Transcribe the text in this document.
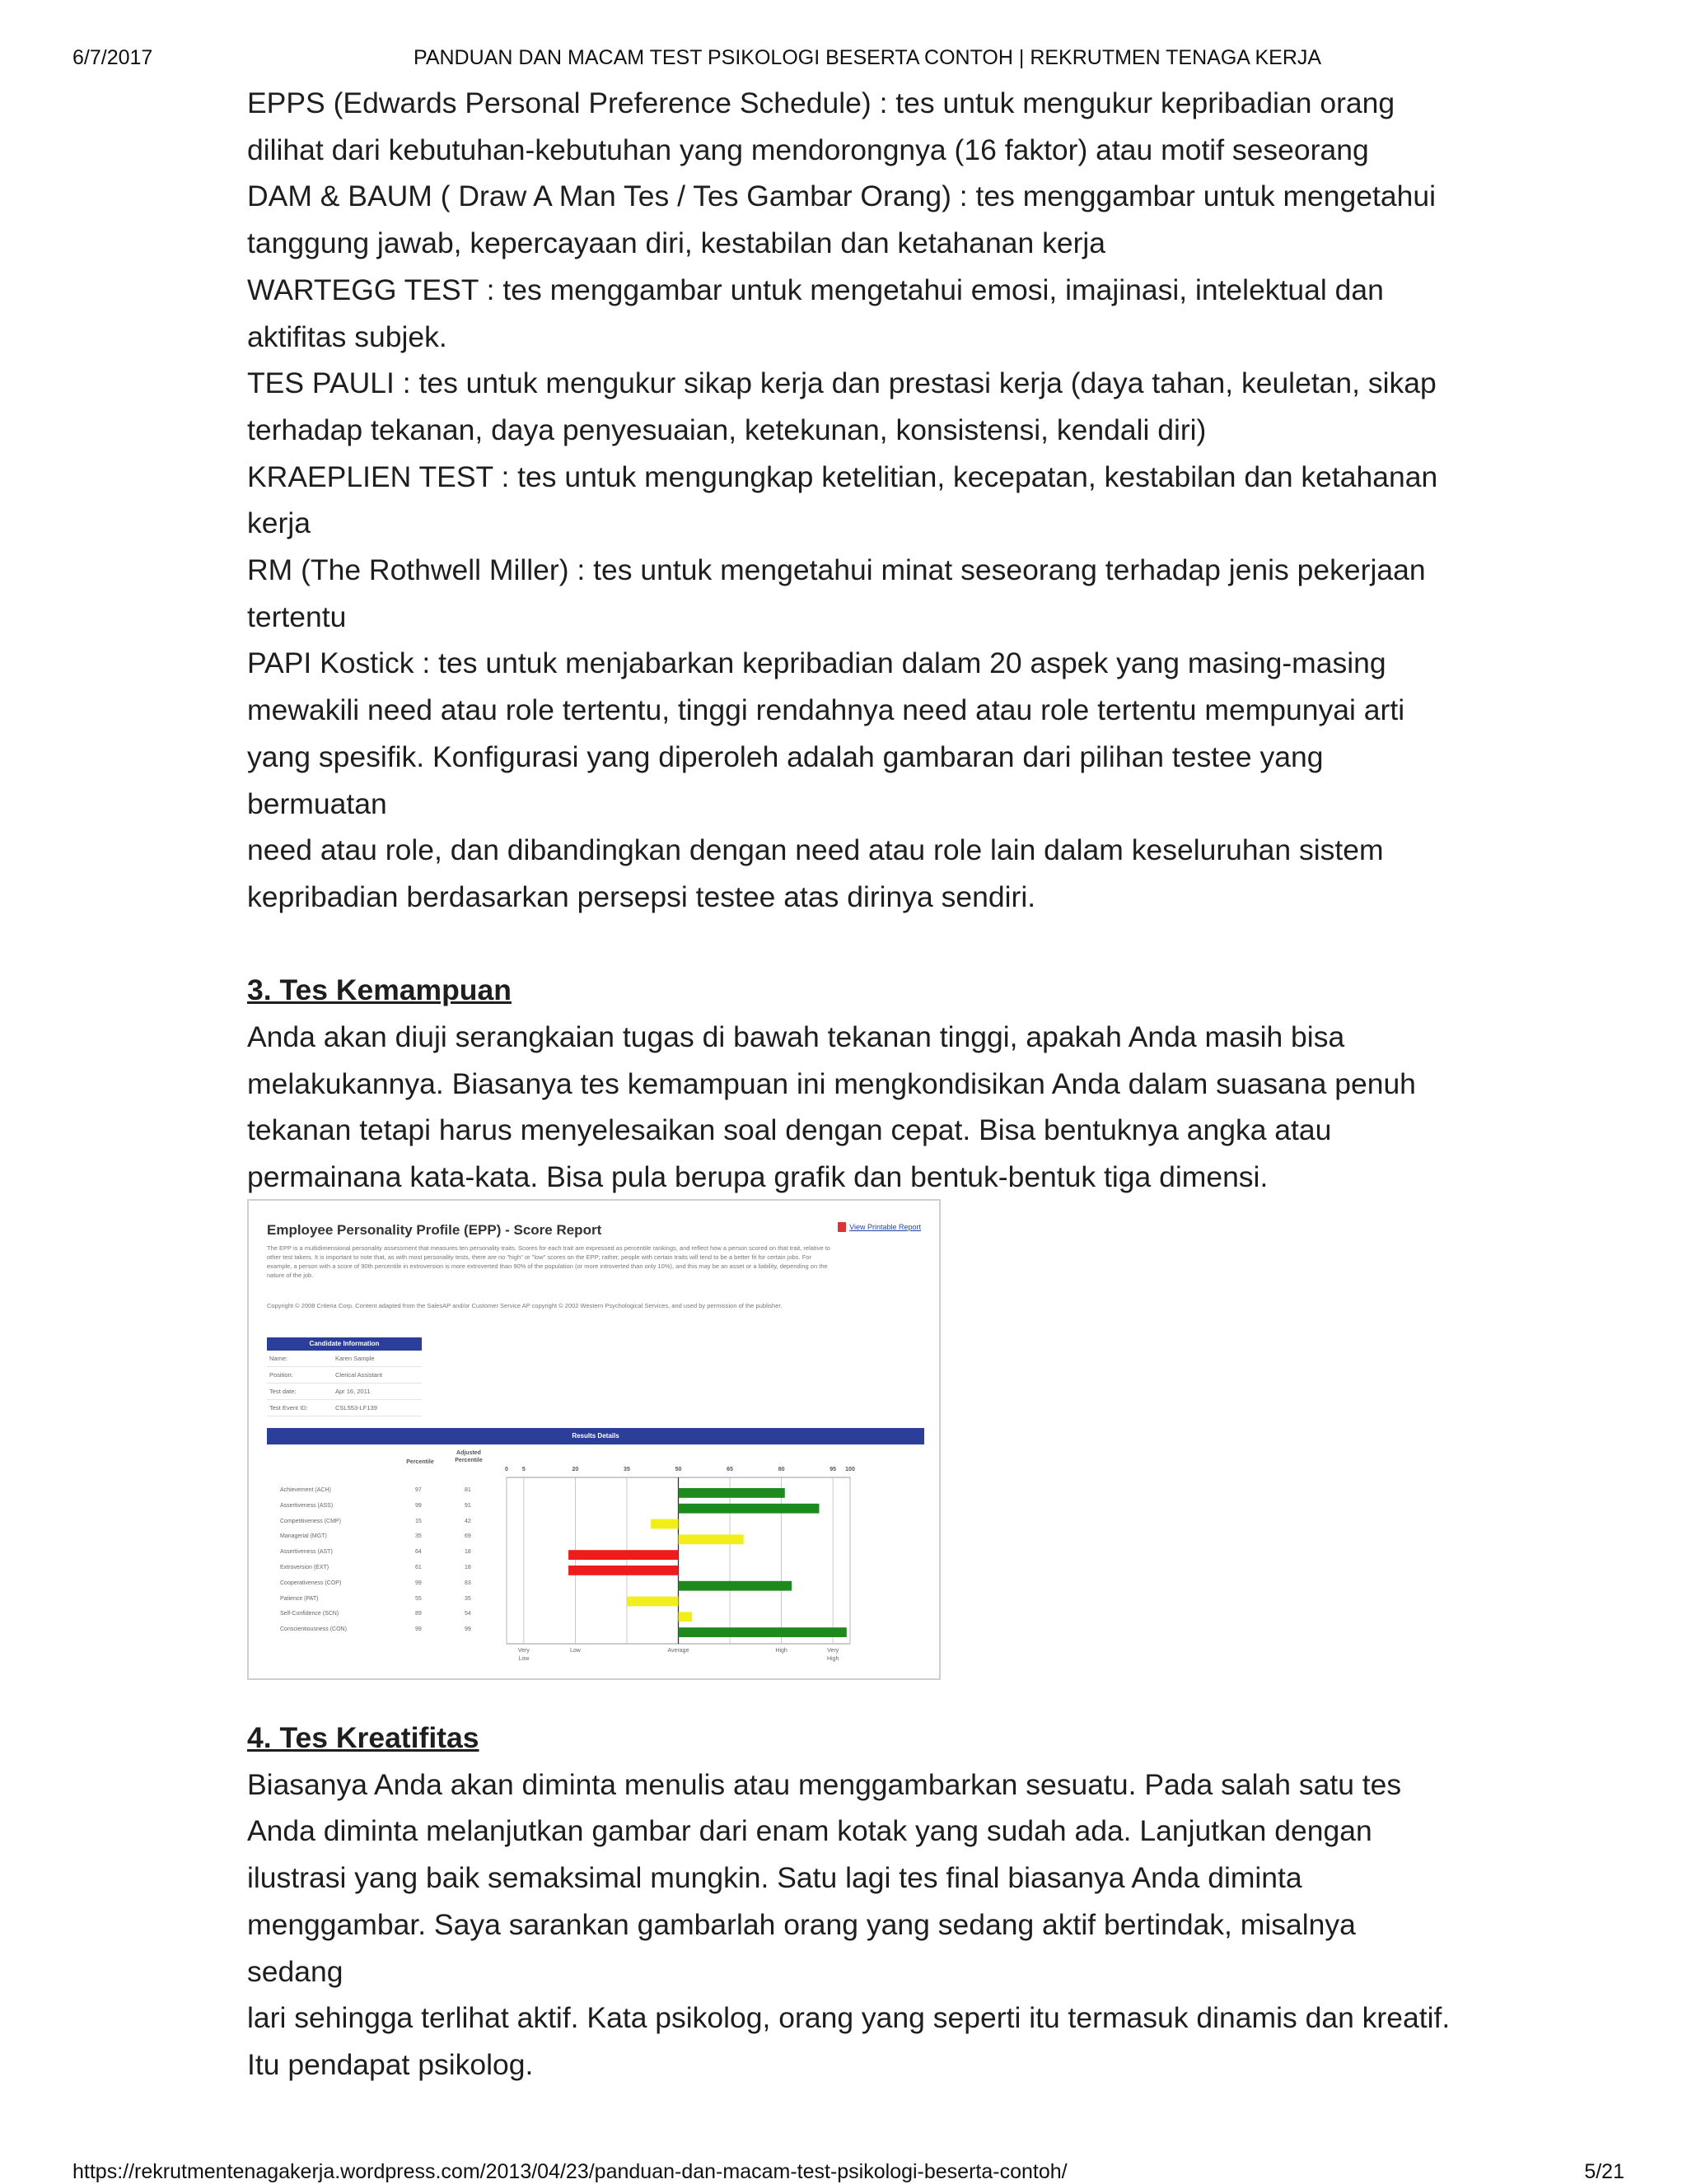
6/7/2017	PANDUAN DAN MACAM TEST PSIKOLOGI BESERTA CONTOH | REKRUTMEN TENAGA KERJA

EPPS (Edwards Personal Preference Schedule) : tes untuk mengukur kepribadian orang

dilihat dari kebutuhan-kebutuhan yang mendorongnya (16 faktor) atau motif seseorang

DAM & BAUM ( Draw A Man Tes / Tes Gambar Orang) : tes menggambar untuk mengetahui

tanggung jawab, kepercayaan diri, kestabilan dan ketahanan kerja

WARTEGG TEST : tes menggambar untuk mengetahui emosi, imajinasi, intelektual dan

aktifitas subjek.

TES PAULI : tes untuk mengukur sikap kerja dan prestasi kerja (daya tahan, keuletan, sikap

terhadap tekanan, daya penyesuaian, ketekunan, konsistensi, kendali diri)

KRAEPLIEN TEST : tes untuk mengungkap ketelitian, kecepatan, kestabilan dan ketahanan

kerja

RM (The Rothwell Miller) : tes untuk mengetahui minat seseorang terhadap jenis pekerjaan

tertentu

PAPI Kostick : tes untuk menjabarkan kepribadian dalam 20 aspek yang masing-masing

mewakili need atau role tertentu, tinggi rendahnya need atau role tertentu mempunyai arti

yang spesifik. Konfigurasi yang diperoleh adalah gambaran dari pilihan testee yang bermuatan

need atau role, dan dibandingkan dengan need atau role lain dalam keseluruhan sistem

kepribadian berdasarkan persepsi testee atas dirinya sendiri.

3. Tes Kemampuan

Anda akan diuji serangkaian tugas di bawah tekanan tinggi, apakah Anda masih bisa

melakukannya. Biasanya tes kemampuan ini mengkondisikan Anda dalam suasana penuh

tekanan tetapi harus menyelesaikan soal dengan cepat. Bisa bentuknya angka atau

permainana kata-kata. Bisa pula berupa grafik dan bentuk-bentuk tiga dimensi.

Employee Personality Profile (EPP) - Score Report	View Printable Report
The EPP is a multidimensional personality assessment that measures ten personality traits. Scores for each trait are expressed as percentile rankings, and reflect how a person scored on that trait, relative to other test takers. It is important to note that, as with most personality tests, there are no "high" or "low" scores on the EPP; rather, people with certain traits will tend to be a better fit for certain jobs. For example, a person with a score of 90th percentile in extroversion is more extroverted than 90% of the population (or more introverted than only 10%), and this may be an asset or a liability, depending on the nature of the job.
Copyright © 2008 Criteria Corp. Content adapted from the SalesAP and/or Customer Service AP copyright © 2002 Western Psychological Services, and used by permission of the publisher.
Candidate Information
Name:	Karen Sample
Position:	Clerical Assistant
Test date:	Apr 16, 2011
Test Event ID:	CSL553-LF139
Results Details
Percentile
Adjusted Percentile
0 5	20	35	50	65	80	95 100
Very
Low
Low	Average	High	Very
High
Achievement (ACH)	97	81
Assertiveness (ASS)	99	91
Competitiveness (CMP)	15	42
Managerial (MGT)	35	69
Assertiveness (AST)	64	18
Extroversion (EXT)	61	18
Cooperativeness (COP)	99	83
Patience (PAT)	55	35
Self-Confidence (SCN)	89	54
Conscientiousness (CON)	99	99

4. Tes Kreatifitas

Biasanya Anda akan diminta menulis atau menggambarkan sesuatu. Pada salah satu tes

Anda diminta melanjutkan gambar dari enam kotak yang sudah ada. Lanjutkan dengan

ilustrasi yang baik semaksimal mungkin. Satu lagi tes final biasanya Anda diminta

menggambar. Saya sarankan gambarlah orang yang sedang aktif bertindak, misalnya sedang

lari sehingga terlihat aktif. Kata psikolog, orang yang seperti itu termasuk dinamis dan kreatif.

Itu pendapat psikolog.

https://rekrutmentenagakerja.wordpress.com/2013/04/23/panduan-dan-macam-test-psikologi-beserta-contoh/	5/21
